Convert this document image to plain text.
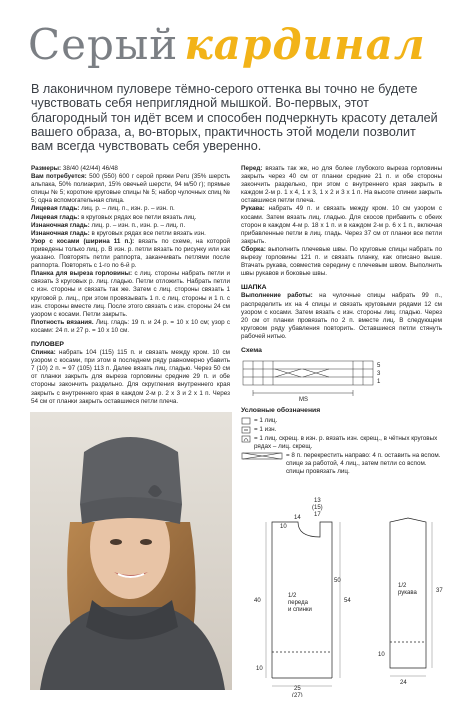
Серый кардинал
В лаконичном пуловере тёмно-серого оттенка вы точно не будете чувствовать себя неприглядной мышкой. Во-первых, этот благородный тон идёт всем и способен подчеркнуть красоту деталей вашего образа, а, во-вторых, практичность этой модели позволит вам всегда чувствовать себя уверенно.

Размеры: 38/40 (42/44) 46/48

Вам потребуется: 500 (550) 600 г серой пряжи Peru (35% шерсть альпака, 50% полиакрил, 15% овечьей шерсти, 94 м/50 г); прямые спицы № 5; короткие круговые спицы № 5; набор чулочных спиц № 5; одна вспомогательная спица.

Лицевая гладь: лиц. р. – лиц. п., изн. р. – изн. п.

Лицевая гладь: в круговых рядах все петли вязать лиц.

Изнаночная гладь: лиц. р. – изн. п., изн. р. – лиц. п.

Изнаночная гладь: в круговых рядах все петли вязать изн.

Узор с косами (ширина 11 п.): вязать по схеме, на которой приведены только лиц. р. В изн. р. петли вязать по рисунку или как указано. Повторять петли раппорта, заканчивать петлями после раппорта. Повторять с 1-го по 6-й р.

Планка для выреза горловины: с лиц. стороны набрать петли и связать 3 круговых р. лиц. гладью. Петли отложить. Набрать петли с изн. стороны и связать так же. Затем с лиц. стороны связать 1 круговой р. лиц., при этом провязывать 1 п. с лиц. стороны и 1 п. с изн. стороны вместе лиц. После этого связать с изн. стороны 24 см узором с косами. Петли закрыть.

Плотность вязания. Лиц. гладь: 19 п. и 24 р. = 10 х 10 см; узор с косами: 24 п. и 27 р. = 10 х 10 см.

ПУЛОВЕР

Спинка: набрать 104 (115) 115 п. и связать между кром. 10 см узором с косами, при этом в последнем ряду равномерно убавить 7 (10) 2 п. = 97 (105) 113 п. Далее вязать лиц. гладью. Через 50 см от планки закрыть для выреза горловины средние 29 п. и обе стороны закончить раздельно. Для скругления внутреннего края закрыть с внутреннего края в каждом 2-м р. 2 х 3 и 2 х 1 п. Через 54 см от планки закрыть оставшиеся петли плеча.

Перед: вязать так же, но для более глубокого выреза горловины закрыть через 40 см от планки средние 21 п. и обе стороны закончить раздельно, при этом с внутреннего края закрыть в каждом 2-м р. 1 х 4, 1 х 3, 1 х 2 и 3 х 1 п. На высоте спинки закрыть оставшиеся петли плеча.

Рукава: набрать 49 п. и связать между кром. 10 см узором с косами. Затем вязать лиц. гладью. Для скосов прибавить с обеих сторон в каждом 4-м р. 18 х 1 п. и в каждом 2-м р. 6 х 1 п., включая прибавленные петли в лиц. гладь. Через 37 см от планки все петли закрыть.

Сборка: выполнить плечевые швы. По круговые спицы набрать по вырезу горловины 121 п. и связать планку, как описано выше. Втачать рукава, совместив середину с плечевым швом. Выполнить швы рукавов и боковые швы.

ШАПКА

Выполнение работы: на чулочные спицы набрать 99 п., распределить их на 4 спицы и связать круговыми рядами 12 см узором с косами. Затем вязать с изн. стороны лиц. гладью. Через 20 см от планки провязать по 2 п. вместе лиц. В следующем круговом ряду убавления повторить. Оставшиеся петли стянуть рабочей нитью.

Схема
MS
5
3
1
Условные обозначения
= 1 лиц.
= 1 изн.
= 1 лиц. скрещ. в изн. р. вязать изн. скрещ., в чётных круговых рядах – лиц. скрещ.
= 8 п. перекрестить направо: 4 п. оставить на вспом. спице за работой, 4 лиц., затем петли со вспом. спицы провязать лиц.
13
(15)
17
14
10
40	54
50
25
(27)
10
37
24
10
1/2 переда и спинки
1/2 рукава
